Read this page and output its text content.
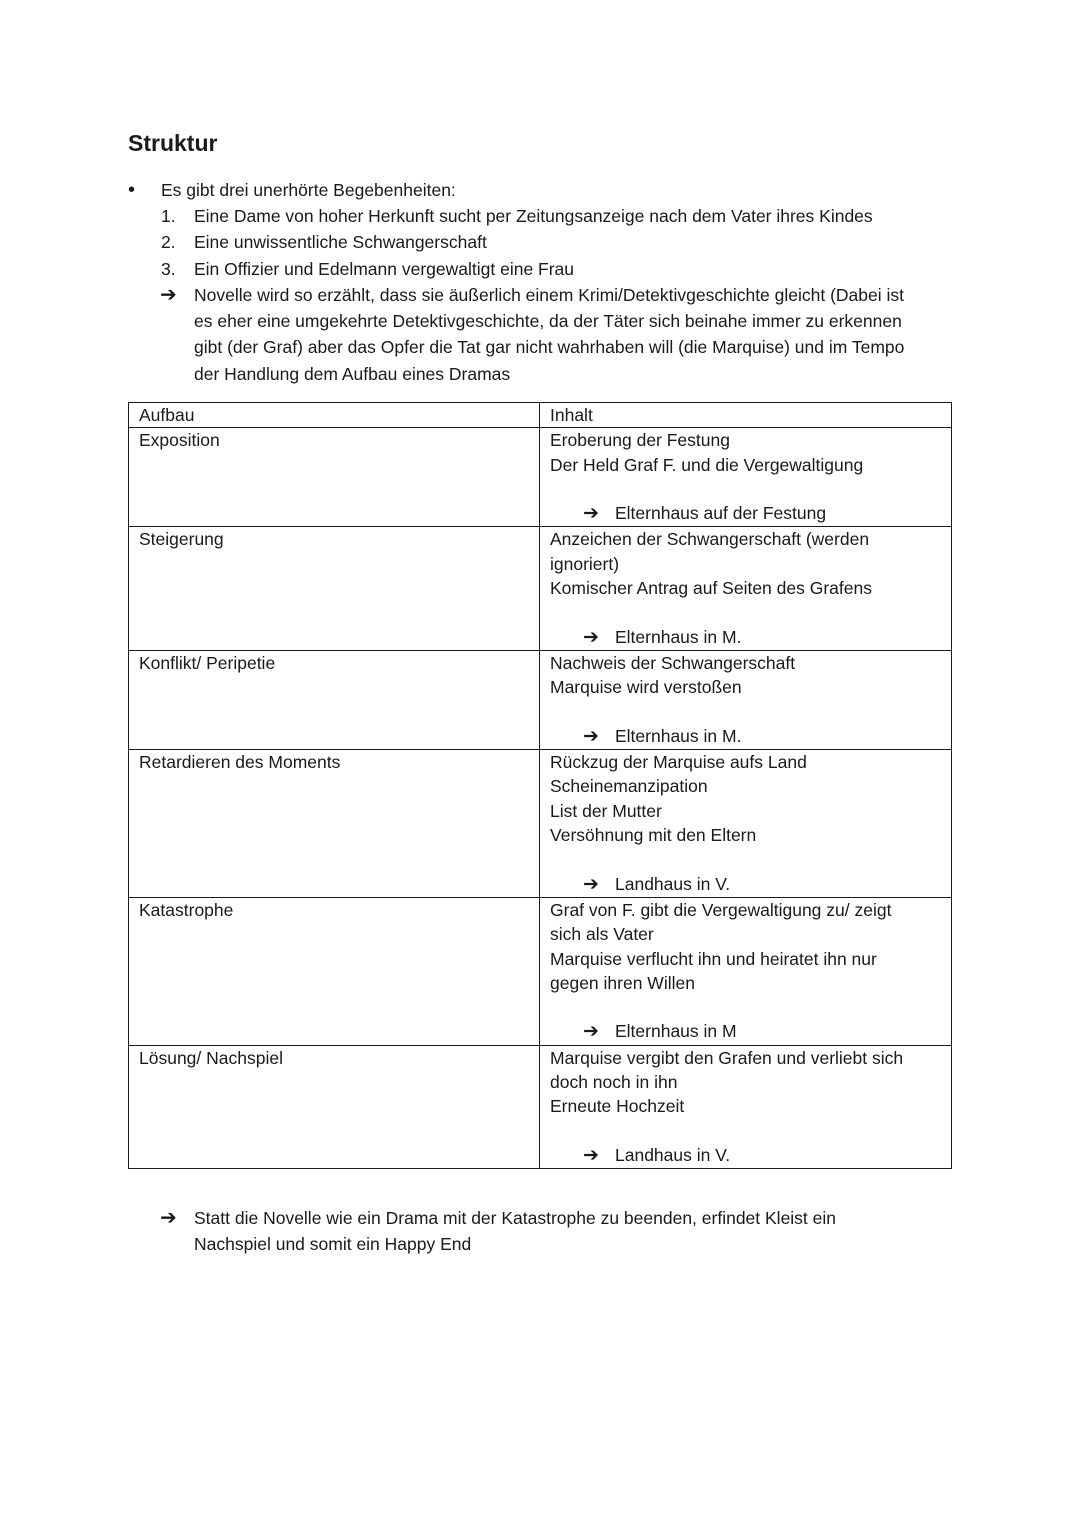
Struktur
• Es gibt drei unerhörte Begebenheiten:
1.	Eine Dame von hoher Herkunft sucht per Zeitungsanzeige nach dem Vater ihres Kindes
2.	Eine unwissentliche Schwangerschaft
3.	Ein Offizier und Edelmann vergewaltigt eine Frau
➔ Novelle wird so erzählt, dass sie äußerlich einem Krimi/Detektivgeschichte gleicht (Dabei ist
es eher eine umgekehrte Detektivgeschichte, da der Täter sich beinahe immer zu erkennen
gibt (der Graf) aber das Opfer die Tat gar nicht wahrhaben will (die Marquise) und im Tempo
der Handlung dem Aufbau eines Dramas
Aufbau	Inhalt

Exposition	Eroberung der Festung
Der Held Graf F. und die Vergewaltigung
➔ Elternhaus auf der Festung

Steigerung	Anzeichen der Schwangerschaft (werden
ignoriert)
Komischer Antrag auf Seiten des Grafens
➔ Elternhaus in M.

Konflikt/ Peripetie	Nachweis der Schwangerschaft
Marquise wird verstoßen
➔ Elternhaus in M.

Retardieren des Moments	Rückzug der Marquise aufs Land
Scheinemanzipation
List der Mutter
Versöhnung mit den Eltern
➔ Landhaus in V.

Katastrophe	Graf von F. gibt die Vergewaltigung zu/ zeigt
sich als Vater
Marquise verflucht ihn und heiratet ihn nur
gegen ihren Willen
➔ Elternhaus in M

Lösung/ Nachspiel	Marquise vergibt den Grafen und verliebt sich
doch noch in ihn
Erneute Hochzeit
➔ Landhaus in V.
➔ Statt die Novelle wie ein Drama mit der Katastrophe zu beenden, erfindet Kleist ein
Nachspiel und somit ein Happy End
